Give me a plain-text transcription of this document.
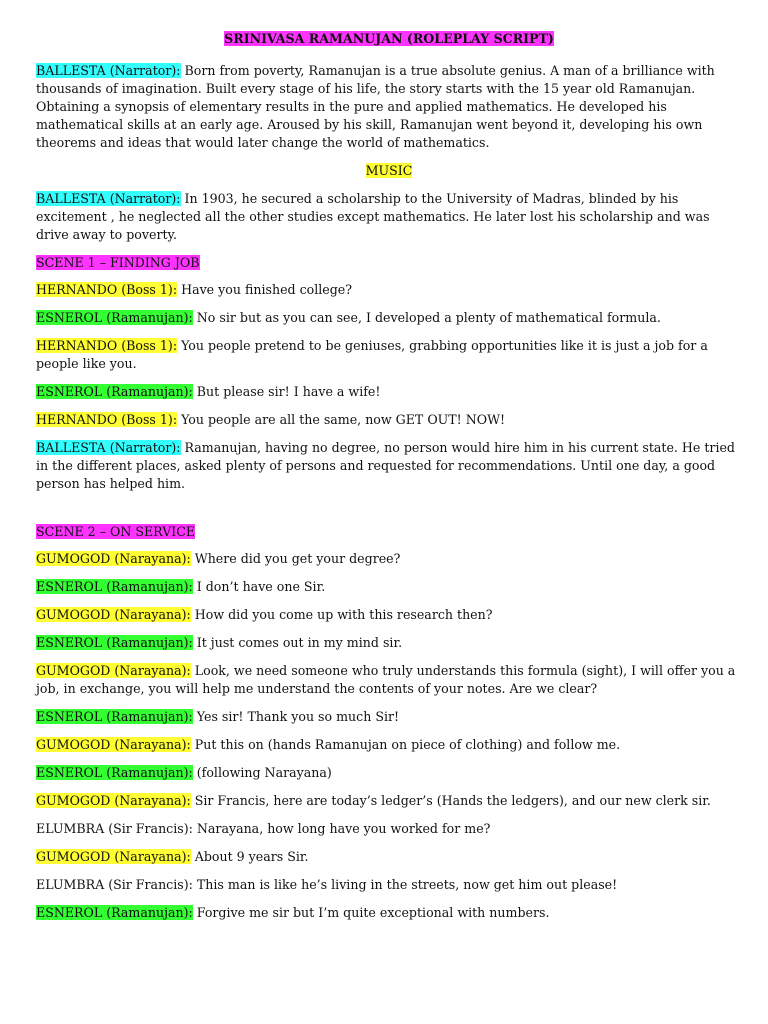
SRINIVASA RAMANUJAN (ROLEPLAY SCRIPT)

BALLESTA (Narrator): Born from poverty, Ramanujan is a true absolute genius. A man of a brilliance with thousands of imagination. Built every stage of his life, the story starts with the 15 year old Ramanujan. Obtaining a synopsis of elementary results in the pure and applied mathematics. He developed his mathematical skills at an early age. Aroused by his skill, Ramanujan went beyond it, developing his own theorems and ideas that would later change the world of mathematics.

MUSIC

BALLESTA (Narrator): In 1903, he secured a scholarship to the University of Madras, blinded by his excitement , he neglected all the other studies except mathematics. He later lost his scholarship and was drive away to poverty.

SCENE 1 – FINDING JOB

HERNANDO (Boss 1): Have you finished college?

ESNEROL (Ramanujan): No sir but as you can see, I developed a plenty of mathematical formula.

HERNANDO (Boss 1): You people pretend to be geniuses, grabbing opportunities like it is just a job for a people like you.

ESNEROL (Ramanujan): But please sir! I have a wife!

HERNANDO (Boss 1): You people are all the same, now GET OUT! NOW!

BALLESTA (Narrator): Ramanujan, having no degree, no person would hire him in his current state. He tried in the different places, asked plenty of persons and requested for recommendations. Until one day, a good person has helped him.

SCENE 2 – ON SERVICE

GUMOGOD (Narayana): Where did you get your degree?

ESNEROL (Ramanujan): I don’t have one Sir.

GUMOGOD (Narayana): How did you come up with this research then?

ESNEROL (Ramanujan): It just comes out in my mind sir.

GUMOGOD (Narayana): Look, we need someone who truly understands this formula (sight), I will offer you a job, in exchange, you will help me understand the contents of your notes. Are we clear?

ESNEROL (Ramanujan): Yes sir! Thank you so much Sir!

GUMOGOD (Narayana): Put this on (hands Ramanujan on piece of clothing) and follow me.

ESNEROL (Ramanujan): (following Narayana)

GUMOGOD (Narayana): Sir Francis, here are today’s ledger’s (Hands the ledgers), and our new clerk sir.

ELUMBRA (Sir Francis): Narayana, how long have you worked for me?

GUMOGOD (Narayana): About 9 years Sir.

ELUMBRA (Sir Francis): This man is like he’s living in the streets, now get him out please!

ESNEROL (Ramanujan): Forgive me sir but I’m quite exceptional with numbers.
